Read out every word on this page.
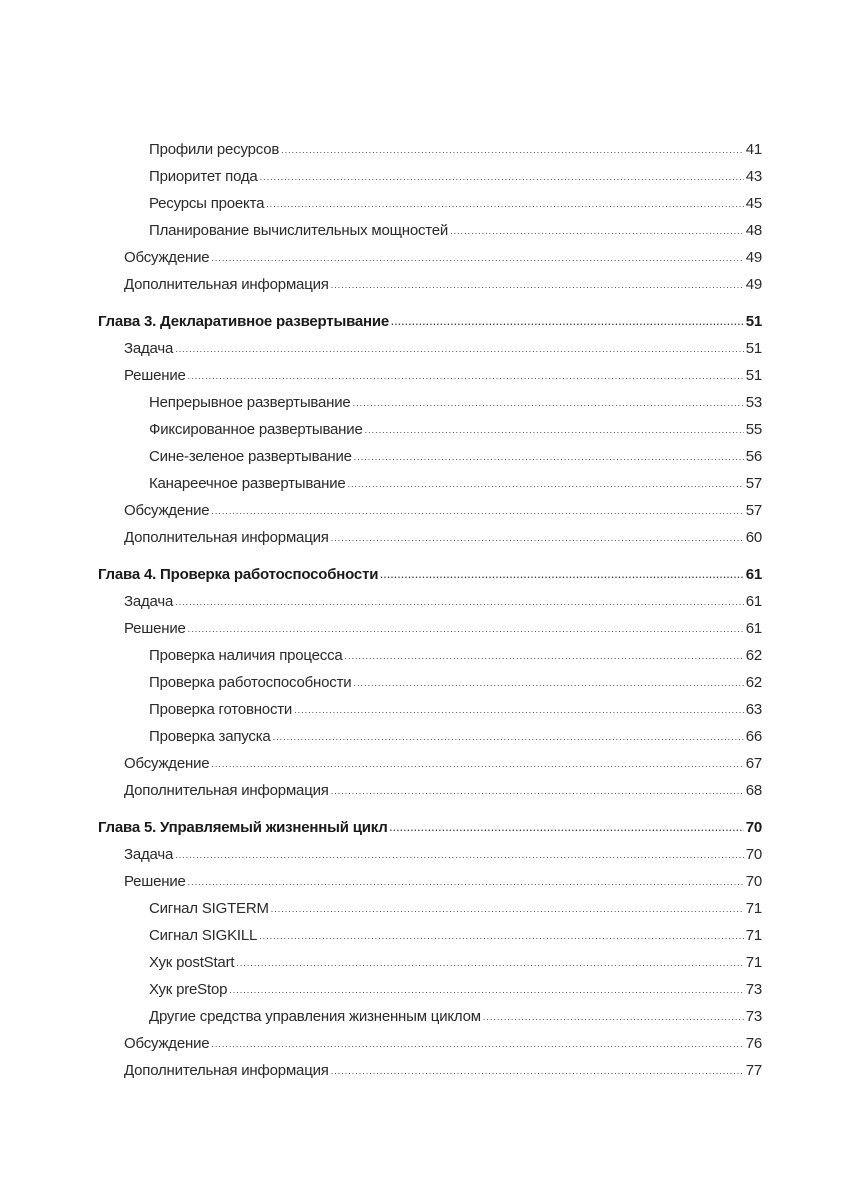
Профили ресурсов .....	41
Приоритет пода .....	43
Ресурсы проекта .....	45
Планирование вычислительных мощностей .....	48
Обсуждение .....	49
Дополнительная информация .....	49
Глава 3. Декларативное развертывание .....	51
Задача .....	51
Решение .....	51
Непрерывное развертывание .....	53
Фиксированное развертывание .....	55
Сине-зеленое развертывание .....	56
Канареечное развертывание .....	57
Обсуждение .....	57
Дополнительная информация .....	60
Глава 4. Проверка работоспособности .....	61
Задача .....	61
Решение .....	61
Проверка наличия процесса .....	62
Проверка работоспособности .....	62
Проверка готовности .....	63
Проверка запуска .....	66
Обсуждение .....	67
Дополнительная информация .....	68
Глава 5. Управляемый жизненный цикл .....	70
Задача .....	70
Решение .....	70
Сигнал SIGTERM .....	71
Сигнал SIGKILL .....	71
Хук postStart .....	71
Хук preStop .....	73
Другие средства управления жизненным циклом .....	73
Обсуждение .....	76
Дополнительная информация .....	77
